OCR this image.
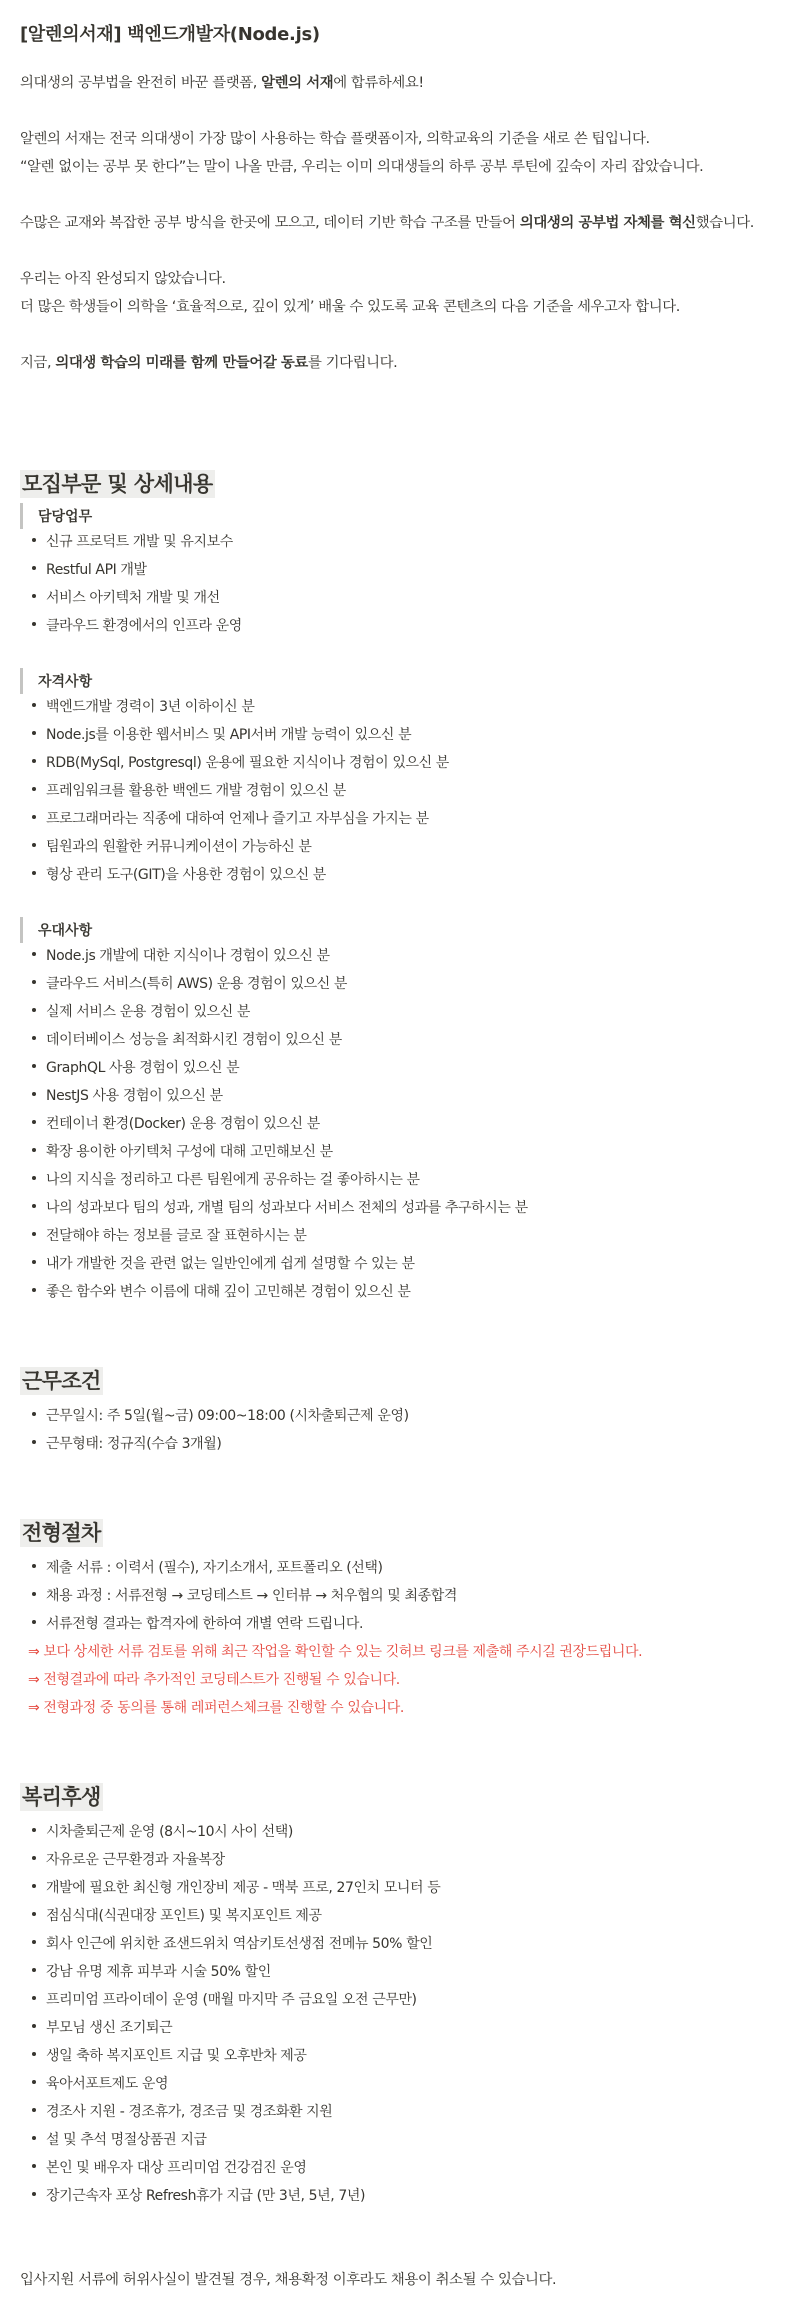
[알렌의서재] 백엔드개발자(Node.js)
의대생의 공부법을 완전히 바꾼 플랫폼, 알렌의 서재에 합류하세요!
알렌의 서재는 전국 의대생이 가장 많이 사용하는 학습 플랫폼이자, 의학교육의 기준을 새로 쓴 팁입니다.
“알렌 없이는 공부 못 한다”는 말이 나올 만큼, 우리는 이미 의대생들의 하루 공부 루틴에 깊숙이 자리 잡았습니다.
수많은 교재와 복잡한 공부 방식을 한곳에 모으고, 데이터 기반 학습 구조를 만들어 의대생의 공부법 자체를 혁신했습니다.
우리는 아직 완성되지 않았습니다.
더 많은 학생들이 의학을 ‘효율적으로, 깊이 있게’ 배울 수 있도록 교육 콘텐츠의 다음 기준을 세우고자 합니다.
지금, 의대생 학습의 미래를 함께 만들어갈 동료를 기다립니다.
모집부문 및 상세내용
담당업무
신규 프로덕트 개발 및 유지보수
Restful API 개발
서비스 아키텍처 개발 및 개선
클라우드 환경에서의 인프라 운영
자격사항
백엔드개발 경력이 3년 이하이신 분
Node.js를 이용한 웹서비스 및 API서버 개발 능력이 있으신 분
RDB(MySql, Postgresql) 운용에 필요한 지식이나 경험이 있으신 분
프레임워크를 활용한 백엔드 개발 경험이 있으신 분
프로그래머라는 직종에 대하여 언제나 즐기고 자부심을 가지는 분
팀원과의 원활한 커뮤니케이션이 가능하신 분
형상 관리 도구(GIT)을 사용한 경험이 있으신 분
우대사항
Node.js 개발에 대한 지식이나 경험이 있으신 분
클라우드 서비스(특히 AWS) 운용 경험이 있으신 분
실제 서비스 운용 경험이 있으신 분
데이터베이스 성능을 최적화시킨 경험이 있으신 분
GraphQL 사용 경험이 있으신 분
NestJS 사용 경험이 있으신 분
컨테이너 환경(Docker) 운용 경험이 있으신 분
확장 용이한 아키텍처 구성에 대해 고민해보신 분
나의 지식을 정리하고 다른 팀원에게 공유하는 걸 좋아하시는 분
나의 성과보다 팀의 성과, 개별 팀의 성과보다 서비스 전체의 성과를 추구하시는 분
전달해야 하는 정보를 글로 잘 표현하시는 분
내가 개발한 것을 관련 없는 일반인에게 쉽게 설명할 수 있는 분
좋은 함수와 변수 이름에 대해 깊이 고민해본 경험이 있으신 분
근무조건
근무일시: 주 5일(월~금) 09:00~18:00 (시차출퇴근제 운영)
근무형태: 정규직(수습 3개월)
전형절차
제출 서류 : 이력서 (필수), 자기소개서, 포트폴리오 (선택)
채용 과정 : 서류전형 → 코딩테스트 → 인터뷰 → 처우협의 및 최종합격
서류전형 결과는 합격자에 한하여 개별 연락 드립니다.
⇒ 보다 상세한 서류 검토를 위해 최근 작업을 확인할 수 있는 깃허브 링크를 제출해 주시길 권장드립니다.
⇒ 전형결과에 따라 추가적인 코딩테스트가 진행될 수 있습니다.
⇒ 전형과정 중 동의를 통해 레퍼런스체크를 진행할 수 있습니다.
복리후생
시차출퇴근제 운영 (8시~10시 사이 선택)
자유로운 근무환경과 자율복장
개발에 필요한 최신형 개인장비 제공 - 맥북 프로, 27인치 모니터 등
점심식대(식권대장 포인트) 및 복지포인트 제공
회사 인근에 위치한 죠샌드위치 역삼키토선생점 전메뉴 50% 할인
강남 유명 제휴 피부과 시술 50% 할인
프리미엄 프라이데이 운영 (매월 마지막 주 금요일 오전 근무만)
부모님 생신 조기퇴근
생일 축하 복지포인트 지급 및 오후반차 제공
육아서포트제도 운영
경조사 지원 - 경조휴가, 경조금 및 경조화환 지원
설 및 추석 명절상품권 지급
본인 및 배우자 대상 프리미엄 건강검진 운영
장기근속자 포상 Refresh휴가 지급 (만 3년, 5년, 7년)
입사지원 서류에 허위사실이 발견될 경우, 채용확정 이후라도 채용이 취소될 수 있습니다.
